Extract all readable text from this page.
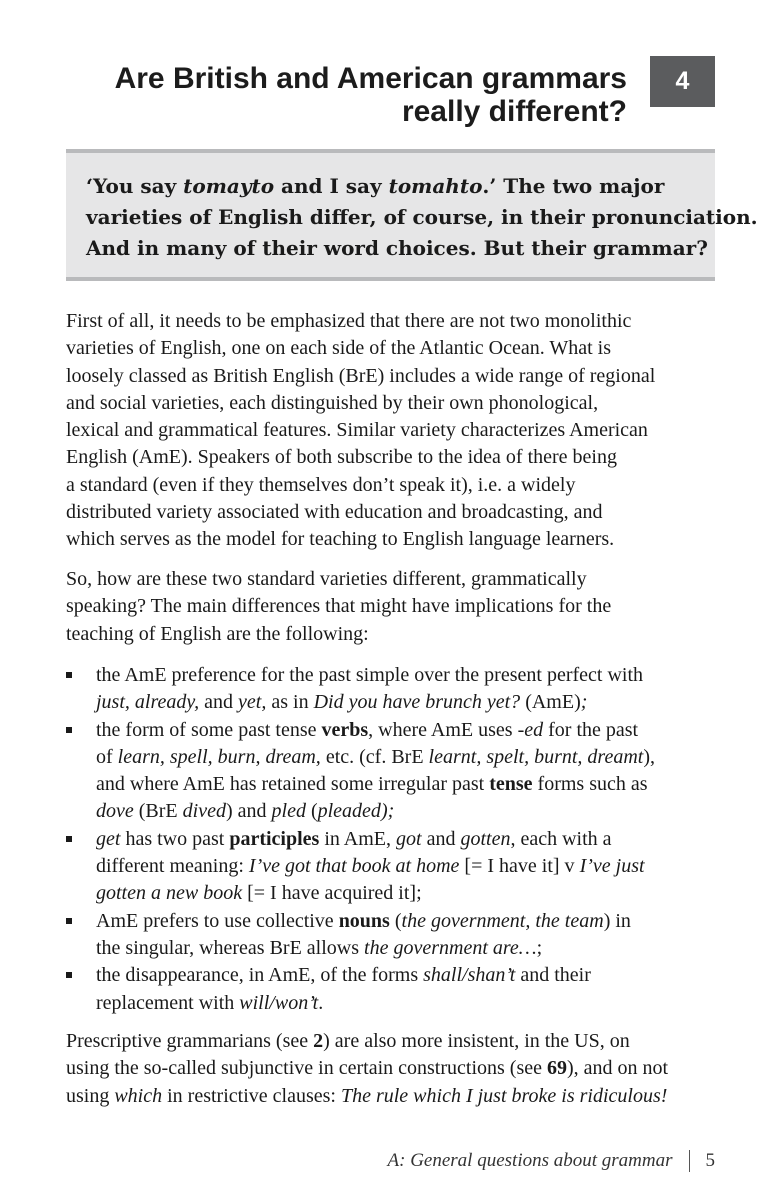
Are British and American grammars
really different?
4
‘You say tomayto and I say tomahto.’ The two major
varieties of English differ, of course, in their pronunciation.
And in many of their word choices. But their grammar?
First of all, it needs to be emphasized that there are not two monolithic
varieties of English, one on each side of the Atlantic Ocean. What is
loosely classed as British English (BrE) includes a wide range of regional
and social varieties, each distinguished by their own phonological,
lexical and grammatical features. Similar variety characterizes American
English (AmE). Speakers of both subscribe to the idea of there being
a standard (even if they themselves don’t speak it), i.e. a widely
distributed variety associated with education and broadcasting, and
which serves as the model for teaching to English language learners.
So, how are these two standard varieties different, grammatically
speaking? The main differences that might have implications for the
teaching of English are the following:
the AmE preference for the past simple over the present perfect with
just, already, and yet, as in Did you have brunch yet? (AmE);
the form of some past tense verbs, where AmE uses -ed for the past
of learn, spell, burn, dream, etc. (cf. BrE learnt, spelt, burnt, dreamt),
and where AmE has retained some irregular past tense forms such as
dove (BrE dived) and pled (pleaded);
get has two past participles in AmE, got and gotten, each with a
different meaning: I’ve got that book at home [= I have it] v I’ve just
gotten a new book [= I have acquired it];
AmE prefers to use collective nouns (the government, the team) in
the singular, whereas BrE allows the government are…;
the disappearance, in AmE, of the forms shall/shan’t and their
replacement with will/won’t.
Prescriptive grammarians (see 2) are also more insistent, in the US, on
using the so-called subjunctive in certain constructions (see 69), and on not
using which in restrictive clauses: The rule which I just broke is ridiculous!
A: General questions about grammar 5
